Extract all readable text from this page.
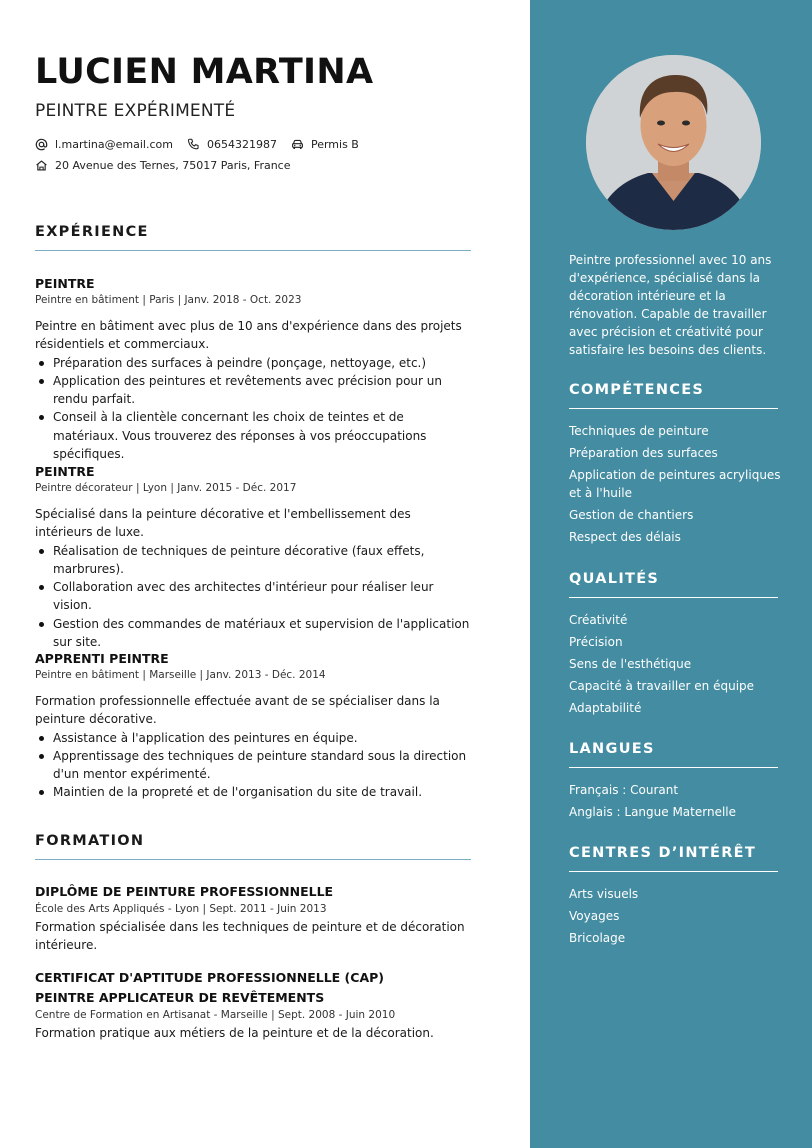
LUCIEN MARTINA
PEINTRE EXPÉRIMENTÉ
l.martina@email.com	0654321987	Permis B
20 Avenue des Ternes, 75017 Paris, France
EXPÉRIENCE
PEINTRE
Peintre en bâtiment | Paris | Janv. 2018 - Oct. 2023
Peintre en bâtiment avec plus de 10 ans d'expérience dans des projets résidentiels et commerciaux.
Préparation des surfaces à peindre (ponçage, nettoyage, etc.)
Application des peintures et revêtements avec précision pour un rendu parfait.
Conseil à la clientèle concernant les choix de teintes et de matériaux. Vous trouverez des réponses à vos préoccupations spécifiques.
PEINTRE
Peintre décorateur | Lyon | Janv. 2015 - Déc. 2017
Spécialisé dans la peinture décorative et l'embellissement des intérieurs de luxe.
Réalisation de techniques de peinture décorative (faux effets, marbrures).
Collaboration avec des architectes d'intérieur pour réaliser leur vision.
Gestion des commandes de matériaux et supervision de l'application sur site.
APPRENTI PEINTRE
Peintre en bâtiment | Marseille | Janv. 2013 - Déc. 2014
Formation professionnelle effectuée avant de se spécialiser dans la peinture décorative.
Assistance à l'application des peintures en équipe.
Apprentissage des techniques de peinture standard sous la direction d'un mentor expérimenté.
Maintien de la propreté et de l'organisation du site de travail.
FORMATION
DIPLÔME DE PEINTURE PROFESSIONNELLE
École des Arts Appliqués - Lyon | Sept. 2011 - Juin 2013
Formation spécialisée dans les techniques de peinture et de décoration intérieure.
CERTIFICAT D'APTITUDE PROFESSIONNELLE (CAP) PEINTRE APPLICATEUR DE REVÊTEMENTS
Centre de Formation en Artisanat - Marseille | Sept. 2008 - Juin 2010
Formation pratique aux métiers de la peinture et de la décoration.
Peintre professionnel avec 10 ans d'expérience, spécialisé dans la décoration intérieure et la rénovation. Capable de travailler avec précision et créativité pour satisfaire les besoins des clients.
COMPÉTENCES
Techniques de peinture
Préparation des surfaces
Application de peintures acryliques et à l'huile
Gestion de chantiers
Respect des délais
QUALITÉS
Créativité
Précision
Sens de l'esthétique
Capacité à travailler en équipe
Adaptabilité
LANGUES
Français : Courant
Anglais : Langue Maternelle
CENTRES D’INTÉRÊT
Arts visuels
Voyages
Bricolage
